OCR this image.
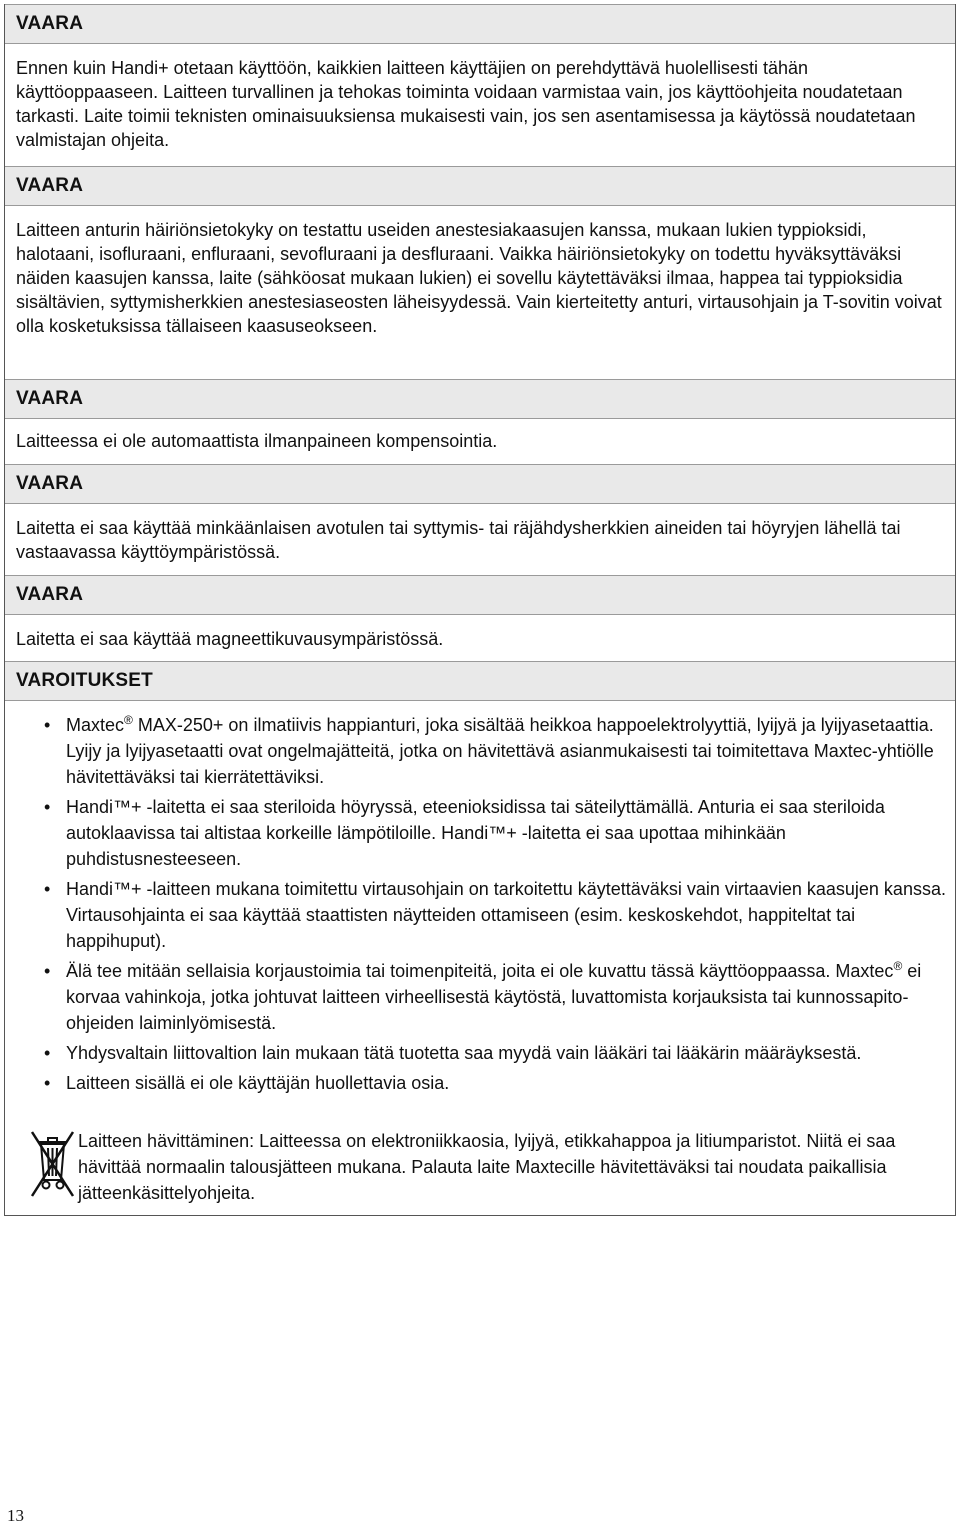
VAARA

Ennen kuin Handi+ otetaan käyttöön, kaikkien laitteen käyttäjien on perehdyttävä huolellisesti tähän käyttöoppaaseen. Laitteen turvallinen ja tehokas toiminta voidaan varmistaa vain, jos käyttöohjeita noudatetaan tarkasti. Laite toimii teknisten ominaisuuksiensa mukaisesti vain, jos sen asentamisessa ja käytössä noudatetaan valmistajan ohjeita.

VAARA

Laitteen anturin häiriönsietokyky on testattu useiden anestesiakaasujen kanssa, mukaan lukien typpioksidi, halotaani, isofluraani, enfluraani, sevofluraani ja desfluraani. Vaikka häiriönsietokyky on todettu hyväksyttäväksi näiden kaasujen kanssa, laite (sähköosat mukaan lukien) ei sovellu käytettäväksi ilmaa, happea tai typpioksidia sisältävien, syttymisherkkien anestesiaseosten läheisyydessä. Vain kierteitetty anturi, virtausohjain ja T-sovitin voivat olla kosketuksissa tällaiseen kaasuseokseen.

VAARA

Laitteessa ei ole automaattista ilmanpaineen kompensointia.

VAARA

Laitetta ei saa käyttää minkäänlaisen avotulen tai syttymis- tai räjähdysherkkien aineiden tai höyryjen lähellä tai vastaavassa käyttöympäristössä.

VAARA

Laitetta ei saa käyttää magneettikuvausympäristössä.

VAROITUKSET
• Maxtec® MAX-250+ on ilmatiivis happianturi, joka sisältää heikkoa happoelektrolyyttiä, lyijyä ja lyijyasetaattia. Lyijy ja lyijyasetaatti ovat ongelmajätteitä, jotka on hävitettävä asianmukaisesti tai toimitettava Maxtec-yhtiölle hävitettäväksi tai kierrätettäviksi.
• Handi™+ -laitetta ei saa steriloida höyryssä, eteenioksidissa tai säteilyttämällä. Anturia ei saa steriloida autoklaavissa tai altistaa korkeille lämpötiloille. Handi™+ -laitetta ei saa upottaa mihinkään puhdistusnesteeseen.
• Handi™+ -laitteen mukana toimitettu virtausohjain on tarkoitettu käytettäväksi vain virtaavien kaasujen kanssa. Virtausohjainta ei saa käyttää staattisten näytteiden ottamiseen (esim. keskoskehdot, happiteltat tai happihuput).
• Älä tee mitään sellaisia korjaustoimia tai toimenpiteitä, joita ei ole kuvattu tässä käyttöoppaassa. Maxtec® ei korvaa vahinkoja, jotka johtuvat laitteen virheellisestä käytöstä, luvattomista korjauksista tai kunnossapito-ohjeiden laiminlyömisestä.
• Yhdysvaltain liittovaltion lain mukaan tätä tuotetta saa myydä vain lääkäri tai lääkärin määräyksestä.
• Laitteen sisällä ei ole käyttäjän huollettavia osia.
Laitteen hävittäminen: Laitteessa on elektroniikkaosia, lyijyä, etikkahappoa ja litiumparistot. Niitä ei saa hävittää normaalin talousjätteen mukana. Palauta laite Maxtecille hävitettäväksi tai noudata paikallisia jätteenkäsittelyohjeita.
13
